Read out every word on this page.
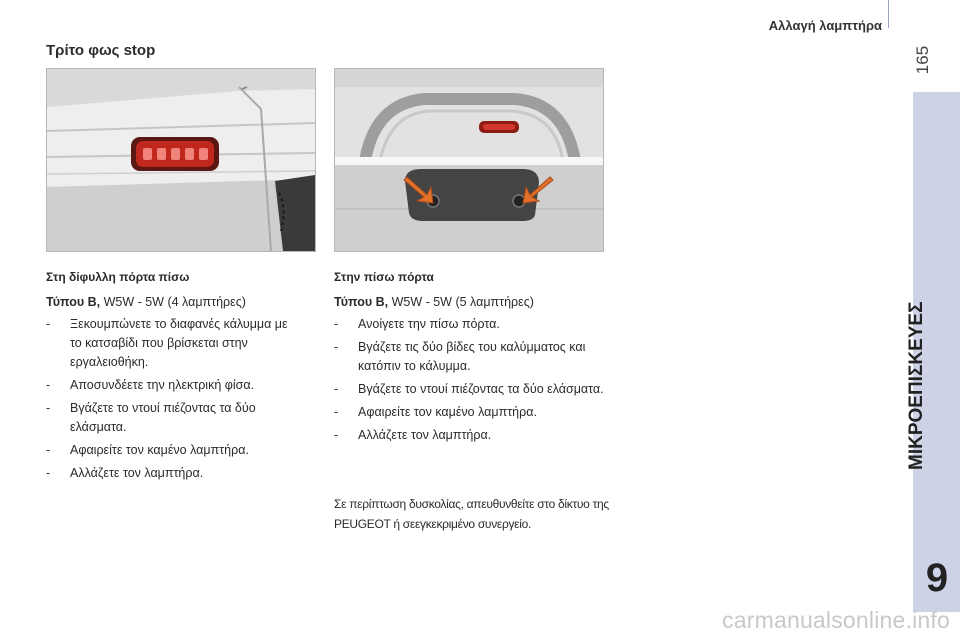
Αλλαγή λαμπτήρα
165
ΜΙΚΡΟΕΠΙΣΚΕΥΕΣ
9
Τρίτο φως stop
Στη δίφυλλη πόρτα πίσω
Τύπου B, W5W - 5W (4 λαμπτήρες)
- Ξεκουμπώνετε το διαφανές κάλυμμα με το κατσαβίδι που βρίσκεται στην εργαλειοθήκη.
- Αποσυνδέετε την ηλεκτρική φίσα.
- Βγάζετε το ντουί πιέζοντας τα δύο ελάσματα.
- Αφαιρείτε τον καμένο λαμπτήρα.
- Αλλάζετε τον λαμπτήρα.
Στην πίσω πόρτα
Τύπου B, W5W - 5W (5 λαμπτήρες)
- Ανοίγετε την πίσω πόρτα.
- Βγάζετε τις δύο βίδες του καλύμματος και κατόπιν το κάλυμμα.
- Βγάζετε το ντουί πιέζοντας τα δύο ελάσματα.
- Αφαιρείτε τον καμένο λαμπτήρα.
- Αλλάζετε τον λαμπτήρα.
Σε περίπτωση δυσκολίας, απευθυνθείτε στο δίκτυο της PEUGEOT ή σεεγκεκριμένο συνεργείο.
carmanualsonline.info
